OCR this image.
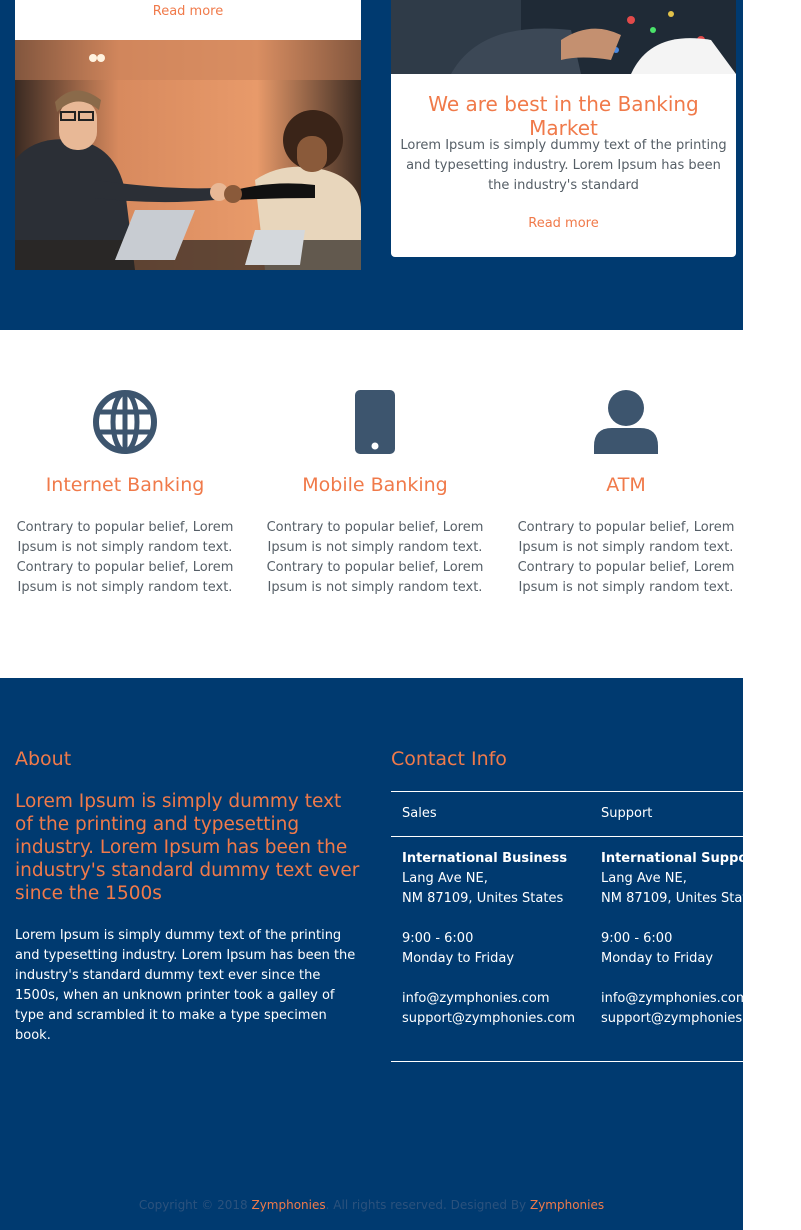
Read more
We are best in the Banking Market

Lorem Ipsum is simply dummy text of the printing and typesetting industry. Lorem Ipsum has been the industry's standard

Read more
Internet Banking

Contrary to popular belief, Lorem Ipsum is not simply random text. Contrary to popular belief, Lorem Ipsum is not simply random text.

Mobile Banking

Contrary to popular belief, Lorem Ipsum is not simply random text. Contrary to popular belief, Lorem Ipsum is not simply random text.

ATM

Contrary to popular belief, Lorem Ipsum is not simply random text. Contrary to popular belief, Lorem Ipsum is not simply random text.

About
Lorem Ipsum is simply dummy text of the printing and typesetting industry. Lorem Ipsum has been the industry's standard dummy text ever since the 1500s
Lorem Ipsum is simply dummy text of the printing and typesetting industry. Lorem Ipsum has been the industry's standard dummy text ever since the 1500s, when an unknown printer took a galley of type and scrambled it to make a type specimen book.
Contact Info
Sales	Support
International Business
Lang Ave NE,
NM 87109, Unites States
9:00 - 6:00
Monday to Friday
info@zymphonies.com
support@zymphonies.com
International Support
Lang Ave NE,
NM 87109, Unites States
9:00 - 6:00
Monday to Friday
info@zymphonies.com
support@zymphonies.com
Copyright © 2018 Zymphonies. All rights reserved. Designed By Zymphonies
